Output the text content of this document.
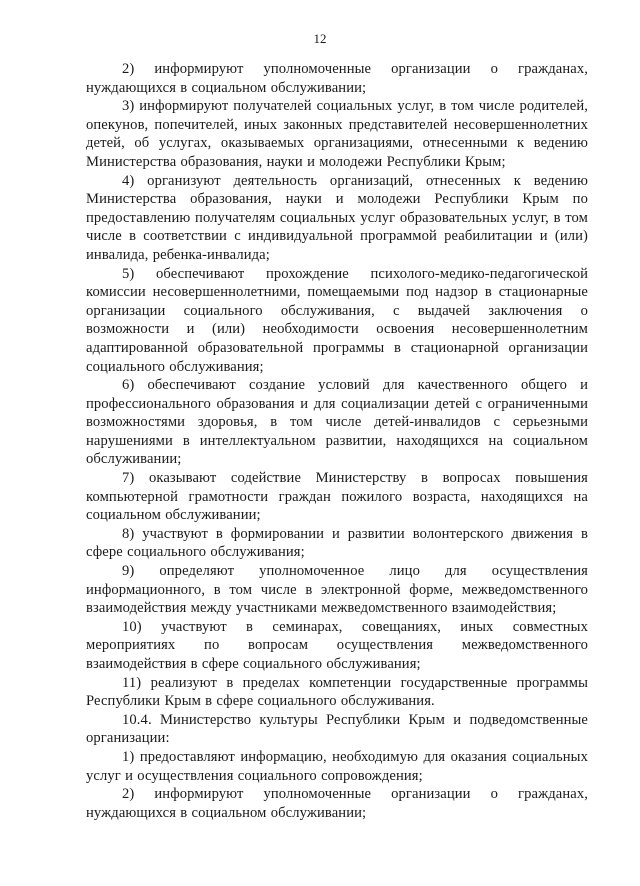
12

2) информируют уполномоченные организации о гражданах, нуждающихся в социальном обслуживании;

3) информируют получателей социальных услуг, в том числе родителей, опекунов, попечителей, иных законных представителей несовершеннолетних детей, об услугах, оказываемых организациями, отнесенными к ведению Министерства образования, науки и молодежи Республики Крым;

4) организуют деятельность организаций, отнесенных к ведению Министерства образования, науки и молодежи Республики Крым по предоставлению получателям социальных услуг образовательных услуг, в том числе в соответствии с индивидуальной программой реабилитации и (или) инвалида, ребенка-инвалида;

5) обеспечивают прохождение психолого-медико-педагогической комиссии несовершеннолетними, помещаемыми под надзор в стационарные организации социального обслуживания, с выдачей заключения о возможности и (или) необходимости освоения несовершеннолетним адаптированной образовательной программы в стационарной организации социального обслуживания;

6) обеспечивают создание условий для качественного общего и профессионального образования и для социализации детей с ограниченными возможностями здоровья, в том числе детей-инвалидов с серьезными нарушениями в интеллектуальном развитии, находящихся на социальном обслуживании;

7) оказывают содействие Министерству в вопросах повышения компьютерной грамотности граждан пожилого возраста, находящихся на социальном обслуживании;

8) участвуют в формировании и развитии волонтерского движения в сфере социального обслуживания;

9) определяют уполномоченное лицо для осуществления информационного, в том числе в электронной форме, межведомственного взаимодействия между участниками межведомственного взаимодействия;

10) участвуют в семинарах, совещаниях, иных совместных мероприятиях по вопросам осуществления межведомственного взаимодействия в сфере социального обслуживания;

11) реализуют в пределах компетенции государственные программы Республики Крым в сфере социального обслуживания.

10.4. Министерство культуры Республики Крым и подведомственные организации:

1) предоставляют информацию, необходимую для оказания социальных услуг и осуществления социального сопровождения;

2) информируют уполномоченные организации о гражданах, нуждающихся в социальном обслуживании;
